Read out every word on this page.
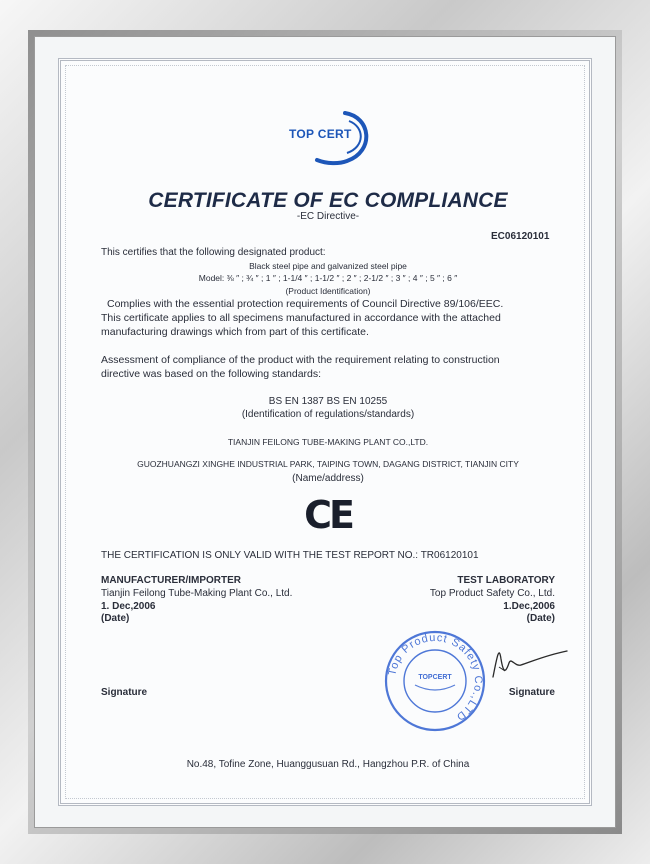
TOP CERT
CERTIFICATE OF EC COMPLIANCE
-EC Directive-
EC06120101
This certifies that the following designated product:
Black steel pipe and galvanized steel pipe
Model: ⅜ ″ ; ¾ ″ ; 1 ″ ; 1-1/4 ″ ; 1-1/2 ″ ; 2 ″ ; 2-1/2 ″ ; 3 ″ ; 4 ″ ; 5 ″ ; 6 ″
(Product Identification)
Complies with the essential protection requirements of Council Directive 89/106/EEC.
This certificate applies to all specimens manufactured in accordance with the attached
manufacturing drawings which from part of this certificate.
Assessment of compliance of the product with the requirement relating to construction
directive was based on the following standards:
BS EN 1387 BS EN 10255
(Identification of regulations/standards)
TIANJIN FEILONG TUBE-MAKING PLANT CO.,LTD.
GUOZHUANGZI XINGHE INDUSTRIAL PARK, TAIPING TOWN, DAGANG DISTRICT, TIANJIN CITY
(Name/address)
CE
THE CERTIFICATION IS ONLY VALID WITH THE TEST REPORT NO.: TR06120101
MANUFACTURER/IMPORTER
Tianjin Feilong Tube-Making Plant Co., Ltd.
1. Dec,2006
(Date)
Signature
TEST LABORATORY
Top Product Safety Co., Ltd.
1.Dec,2006
(Date)
Signature
Top Product Safety Co.,LTD
TOPCERT
No.48, Tofine Zone, Huanggusuan Rd., Hangzhou P.R. of China
